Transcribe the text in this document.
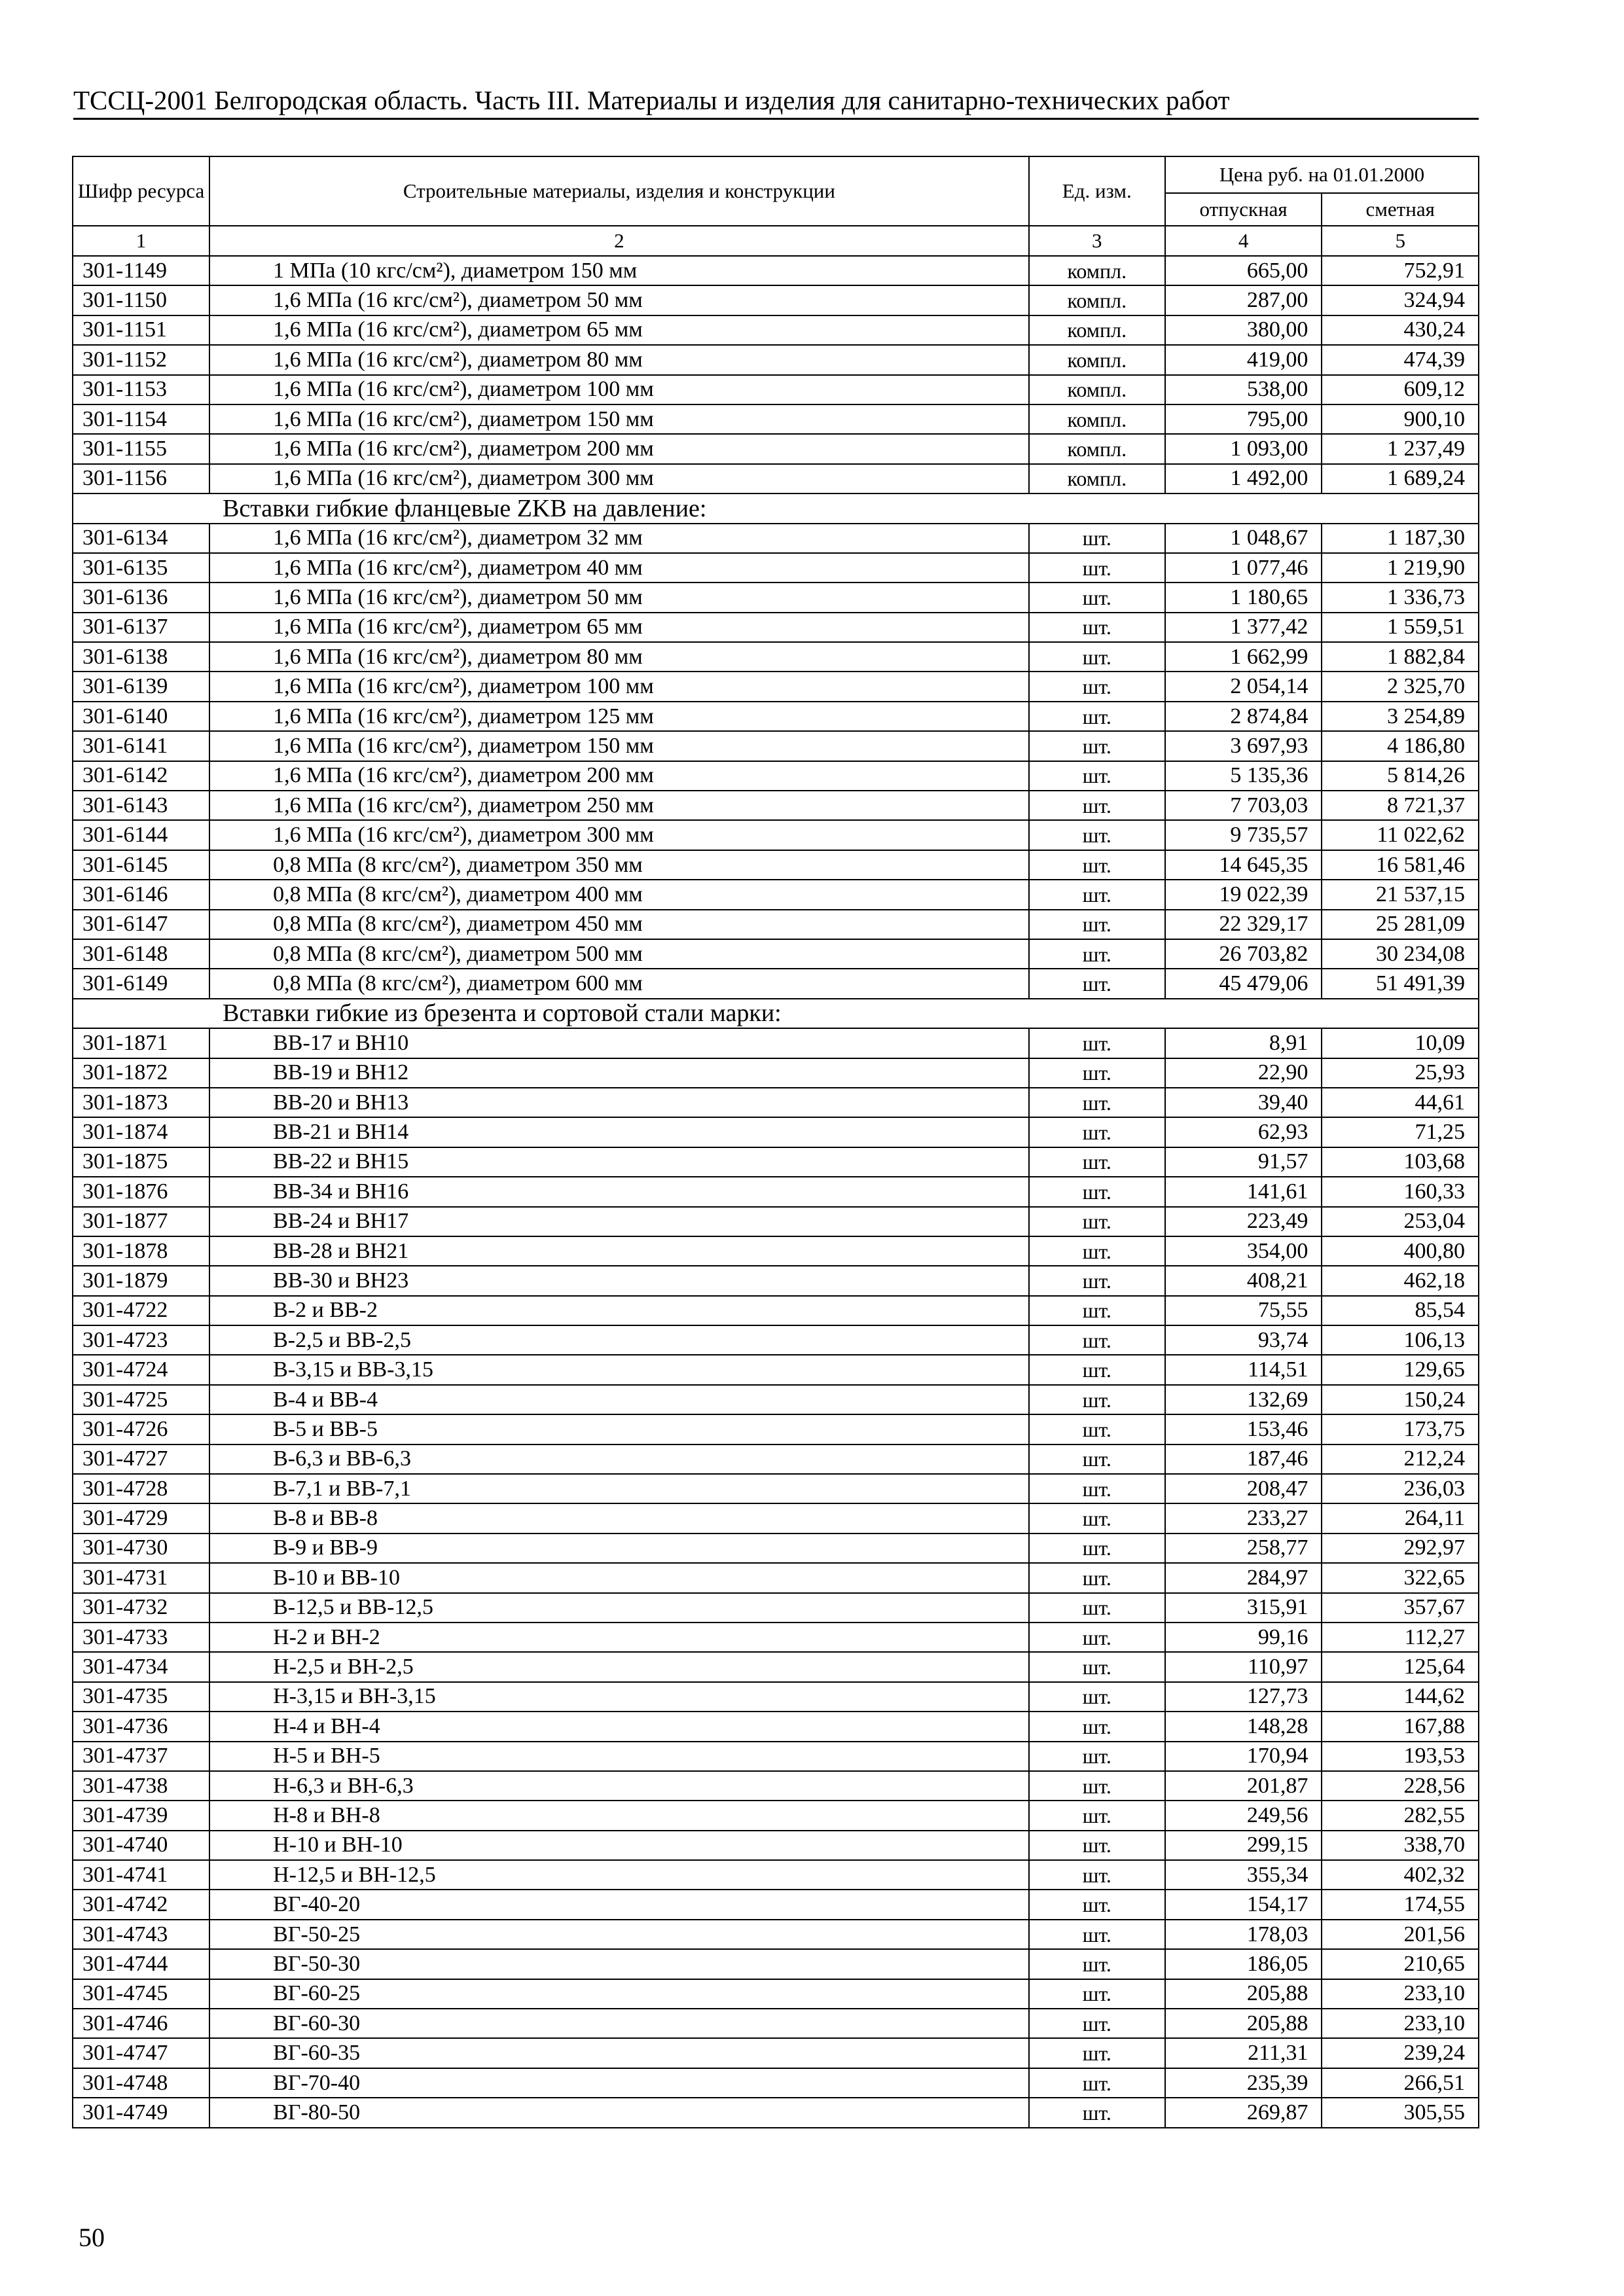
ТССЦ-2001 Белгородская область. Часть III. Материалы и изделия для санитарно-технических работ
Шифр ресурса	Строительные материалы, изделия и конструкции	Ед. изм.	Цена руб. на 01.01.2000	
			отпускная	сметная
1	2	3	4	5
301-1149	1 МПа (10 кгс/см²), диаметром 150 мм	компл.	665,00	752,91
301-1150	1,6 МПа (16 кгс/см²), диаметром 50 мм	компл.	287,00	324,94
301-1151	1,6 МПа (16 кгс/см²), диаметром 65 мм	компл.	380,00	430,24
301-1152	1,6 МПа (16 кгс/см²), диаметром 80 мм	компл.	419,00	474,39
301-1153	1,6 МПа (16 кгс/см²), диаметром 100 мм	компл.	538,00	609,12
301-1154	1,6 МПа (16 кгс/см²), диаметром 150 мм	компл.	795,00	900,10
301-1155	1,6 МПа (16 кгс/см²), диаметром 200 мм	компл.	1 093,00	1 237,49
301-1156	1,6 МПа (16 кгс/см²), диаметром 300 мм	компл.	1 492,00	1 689,24
Вставки гибкие фланцевые ZKB на давление:				
301-6134	1,6 МПа (16 кгс/см²), диаметром 32 мм	шт.	1 048,67	1 187,30
301-6135	1,6 МПа (16 кгс/см²), диаметром 40 мм	шт.	1 077,46	1 219,90
301-6136	1,6 МПа (16 кгс/см²), диаметром 50 мм	шт.	1 180,65	1 336,73
301-6137	1,6 МПа (16 кгс/см²), диаметром 65 мм	шт.	1 377,42	1 559,51
301-6138	1,6 МПа (16 кгс/см²), диаметром 80 мм	шт.	1 662,99	1 882,84
301-6139	1,6 МПа (16 кгс/см²), диаметром 100 мм	шт.	2 054,14	2 325,70
301-6140	1,6 МПа (16 кгс/см²), диаметром 125 мм	шт.	2 874,84	3 254,89
301-6141	1,6 МПа (16 кгс/см²), диаметром 150 мм	шт.	3 697,93	4 186,80
301-6142	1,6 МПа (16 кгс/см²), диаметром 200 мм	шт.	5 135,36	5 814,26
301-6143	1,6 МПа (16 кгс/см²), диаметром 250 мм	шт.	7 703,03	8 721,37
301-6144	1,6 МПа (16 кгс/см²), диаметром 300 мм	шт.	9 735,57	11 022,62
301-6145	0,8 МПа (8 кгс/см²), диаметром 350 мм	шт.	14 645,35	16 581,46
301-6146	0,8 МПа (8 кгс/см²), диаметром 400 мм	шт.	19 022,39	21 537,15
301-6147	0,8 МПа (8 кгс/см²), диаметром 450 мм	шт.	22 329,17	25 281,09
301-6148	0,8 МПа (8 кгс/см²), диаметром 500 мм	шт.	26 703,82	30 234,08
301-6149	0,8 МПа (8 кгс/см²), диаметром 600 мм	шт.	45 479,06	51 491,39
Вставки гибкие из брезента и сортовой стали марки:				
301-1871	ВВ-17 и ВН10	шт.	8,91	10,09
301-1872	ВВ-19 и ВН12	шт.	22,90	25,93
301-1873	ВВ-20 и ВН13	шт.	39,40	44,61
301-1874	ВВ-21 и ВН14	шт.	62,93	71,25
301-1875	ВВ-22 и ВН15	шт.	91,57	103,68
301-1876	ВВ-34 и ВН16	шт.	141,61	160,33
301-1877	ВВ-24 и ВН17	шт.	223,49	253,04
301-1878	ВВ-28 и ВН21	шт.	354,00	400,80
301-1879	ВВ-30 и ВН23	шт.	408,21	462,18
301-4722	В-2 и ВВ-2	шт.	75,55	85,54
301-4723	В-2,5 и ВВ-2,5	шт.	93,74	106,13
301-4724	В-3,15 и ВВ-3,15	шт.	114,51	129,65
301-4725	В-4 и ВВ-4	шт.	132,69	150,24
301-4726	В-5 и ВВ-5	шт.	153,46	173,75
301-4727	В-6,3 и ВВ-6,3	шт.	187,46	212,24
301-4728	В-7,1 и ВВ-7,1	шт.	208,47	236,03
301-4729	В-8 и ВВ-8	шт.	233,27	264,11
301-4730	В-9 и ВВ-9	шт.	258,77	292,97
301-4731	В-10 и ВВ-10	шт.	284,97	322,65
301-4732	В-12,5 и ВВ-12,5	шт.	315,91	357,67
301-4733	Н-2 и ВН-2	шт.	99,16	112,27
301-4734	Н-2,5 и ВН-2,5	шт.	110,97	125,64
301-4735	Н-3,15 и ВН-3,15	шт.	127,73	144,62
301-4736	Н-4 и ВН-4	шт.	148,28	167,88
301-4737	Н-5 и ВН-5	шт.	170,94	193,53
301-4738	Н-6,3 и ВН-6,3	шт.	201,87	228,56
301-4739	Н-8 и ВН-8	шт.	249,56	282,55
301-4740	Н-10 и ВН-10	шт.	299,15	338,70
301-4741	Н-12,5 и ВН-12,5	шт.	355,34	402,32
301-4742	ВГ-40-20	шт.	154,17	174,55
301-4743	ВГ-50-25	шт.	178,03	201,56
301-4744	ВГ-50-30	шт.	186,05	210,65
301-4745	ВГ-60-25	шт.	205,88	233,10
301-4746	ВГ-60-30	шт.	205,88	233,10
301-4747	ВГ-60-35	шт.	211,31	239,24
301-4748	ВГ-70-40	шт.	235,39	266,51
301-4749	ВГ-80-50	шт.	269,87	305,55
50
